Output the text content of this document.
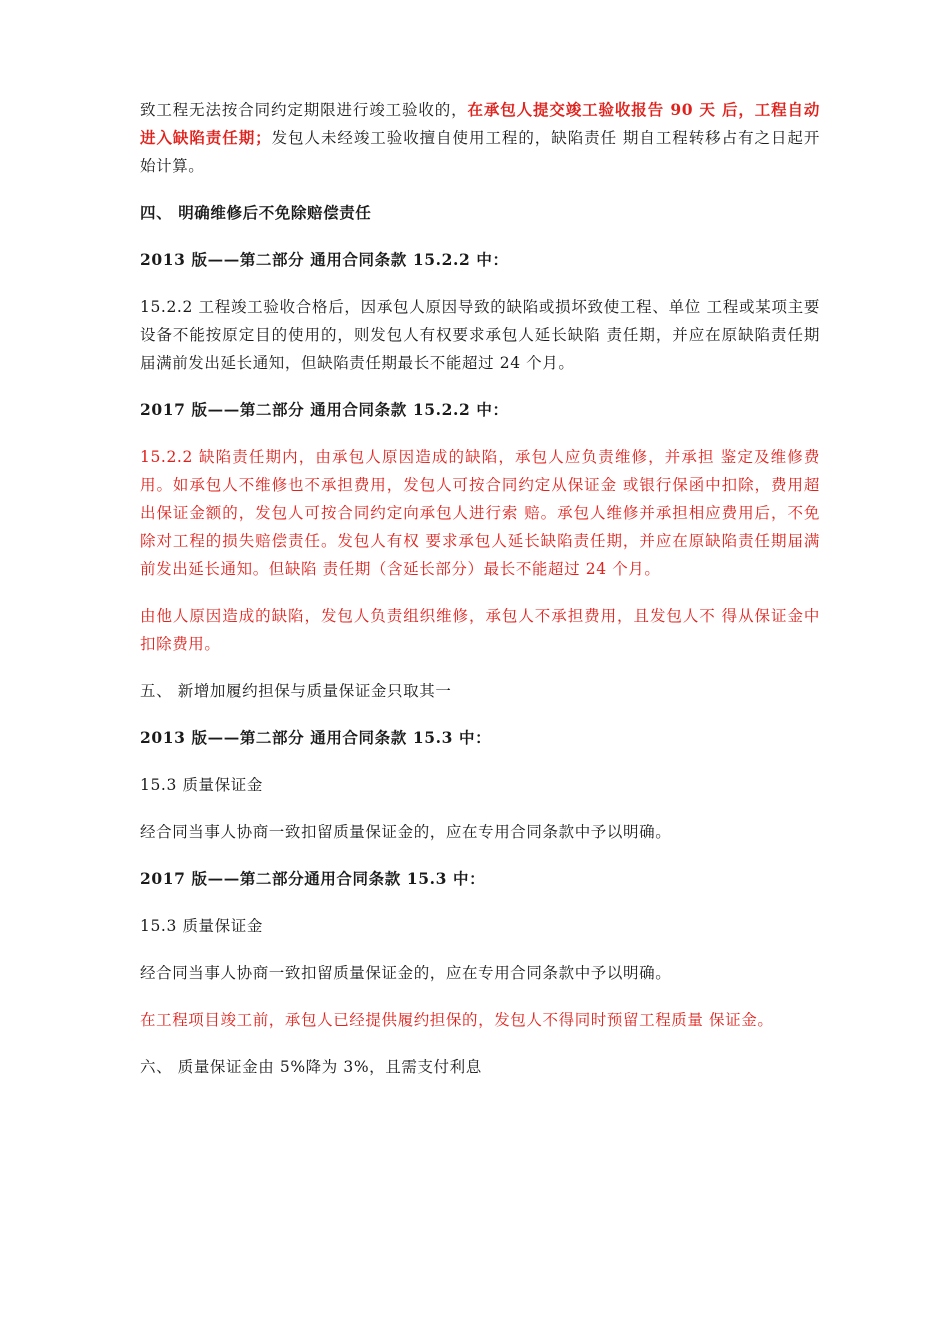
致工程无法按合同约定期限进行竣工验收的，在承包人提交竣工验收报告 90 天 后，工程自动进入缺陷责任期；发包人未经竣工验收擅自使用工程的，缺陷责任 期自工程转移占有之日起开始计算。

四、 明确维修后不免除赔偿责任

2013 版——第二部分 通用合同条款 15.2.2 中：

15.2.2 工程竣工验收合格后，因承包人原因导致的缺陷或损坏致使工程、单位 工程或某项主要设备不能按原定目的使用的，则发包人有权要求承包人延长缺陷 责任期，并应在原缺陷责任期届满前发出延长通知，但缺陷责任期最长不能超过 24 个月。

2017 版——第二部分 通用合同条款 15.2.2 中：

15.2.2 缺陷责任期内，由承包人原因造成的缺陷，承包人应负责维修，并承担 鉴定及维修费用。如承包人不维修也不承担费用，发包人可按合同约定从保证金 或银行保函中扣除，费用超出保证金额的，发包人可按合同约定向承包人进行索 赔。承包人维修并承担相应费用后，不免除对工程的损失赔偿责任。发包人有权 要求承包人延长缺陷责任期，并应在原缺陷责任期届满前发出延长通知。但缺陷 责任期（含延长部分）最长不能超过 24 个月。

由他人原因造成的缺陷，发包人负责组织维修，承包人不承担费用，且发包人不 得从保证金中扣除费用。

五、 新增加履约担保与质量保证金只取其一

2013 版——第二部分 通用合同条款 15.3 中：

15.3 质量保证金

经合同当事人协商一致扣留质量保证金的，应在专用合同条款中予以明确。

2017 版——第二部分通用合同条款 15.3 中：

15.3 质量保证金

经合同当事人协商一致扣留质量保证金的，应在专用合同条款中予以明确。

在工程项目竣工前，承包人已经提供履约担保的，发包人不得同时预留工程质量 保证金。

六、 质量保证金由 5%降为 3%，且需支付利息
